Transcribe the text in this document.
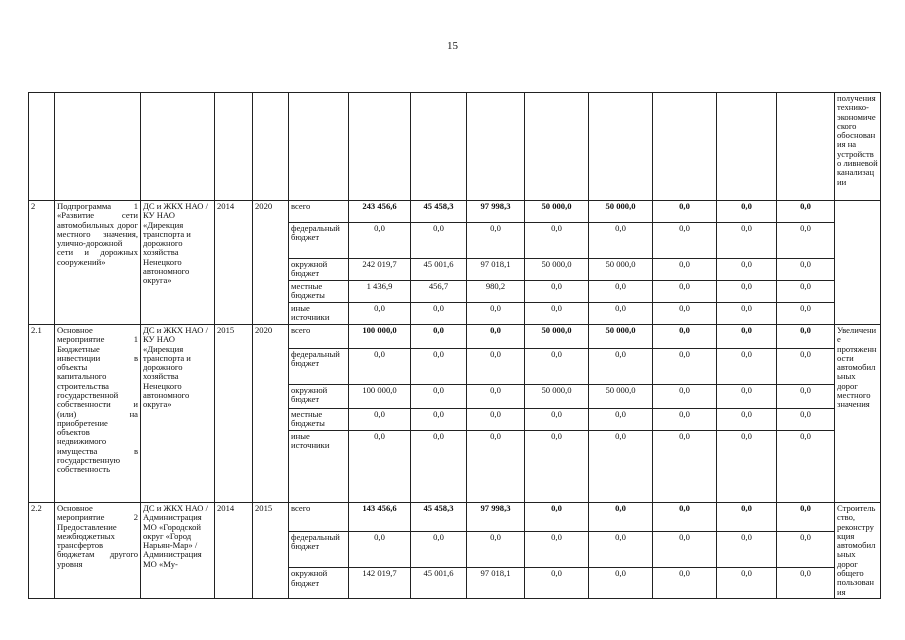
15
														получения технико-экономического обоснования на устройство ливневой канализации
2	Подпрограмма 1 «Развитие сети автомобильных дорог местного значения, улично-дорожной сети и дорожных сооружений»	ДС и ЖКХ НАО / КУ НАО «Дирекция транспорта и дорожного хозяйства Ненецкого автономного округа»	2014	2020	всего	243 456,6	45 458,3	97 998,3	50 000,0	50 000,0	0,0	0,0	0,0	
					федеральный бюджет	0,0	0,0	0,0	0,0	0,0	0,0	0,0	0,0	
					окружной бюджет	242 019,7	45 001,6	97 018,1	50 000,0	50 000,0	0,0	0,0	0,0	
					местные бюджеты	1 436,9	456,7	980,2	0,0	0,0	0,0	0,0	0,0	
					иные источники	0,0	0,0	0,0	0,0	0,0	0,0	0,0	0,0	
2.1	Основное мероприятие 1 Бюджетные инвестиции в объекты капитального строительства государственной собственности и (или) на приобретение объектов недвижимого имущества в государственную собственность	ДС и ЖКХ НАО / КУ НАО «Дирекция транспорта и дорожного хозяйства Ненецкого автономного округа»	2015	2020	всего	100 000,0	0,0	0,0	50 000,0	50 000,0	0,0	0,0	0,0	Увеличение протяженности автомобильных дорог местного значения
					федеральный бюджет	0,0	0,0	0,0	0,0	0,0	0,0	0,0	0,0	
					окружной бюджет	100 000,0	0,0	0,0	50 000,0	50 000,0	0,0	0,0	0,0	
					местные бюджеты	0,0	0,0	0,0	0,0	0,0	0,0	0,0	0,0	
					иные источники	0,0	0,0	0,0	0,0	0,0	0,0	0,0	0,0	
2.2	Основное мероприятие 2 Предоставление межбюджетных трансфертов бюджетам другого уровня	ДС и ЖКХ НАО / Администрация МО «Городской округ «Город Нарьян-Мар» / Администрация МО «Му-	2014	2015	всего	143 456,6	45 458,3	97 998,3	0,0	0,0	0,0	0,0	0,0	Строительство, реконструкция автомобильных дорог общего пользования
					федеральный бюджет	0,0	0,0	0,0	0,0	0,0	0,0	0,0	0,0	
					окружной бюджет	142 019,7	45 001,6	97 018,1	0,0	0,0	0,0	0,0	0,0	
